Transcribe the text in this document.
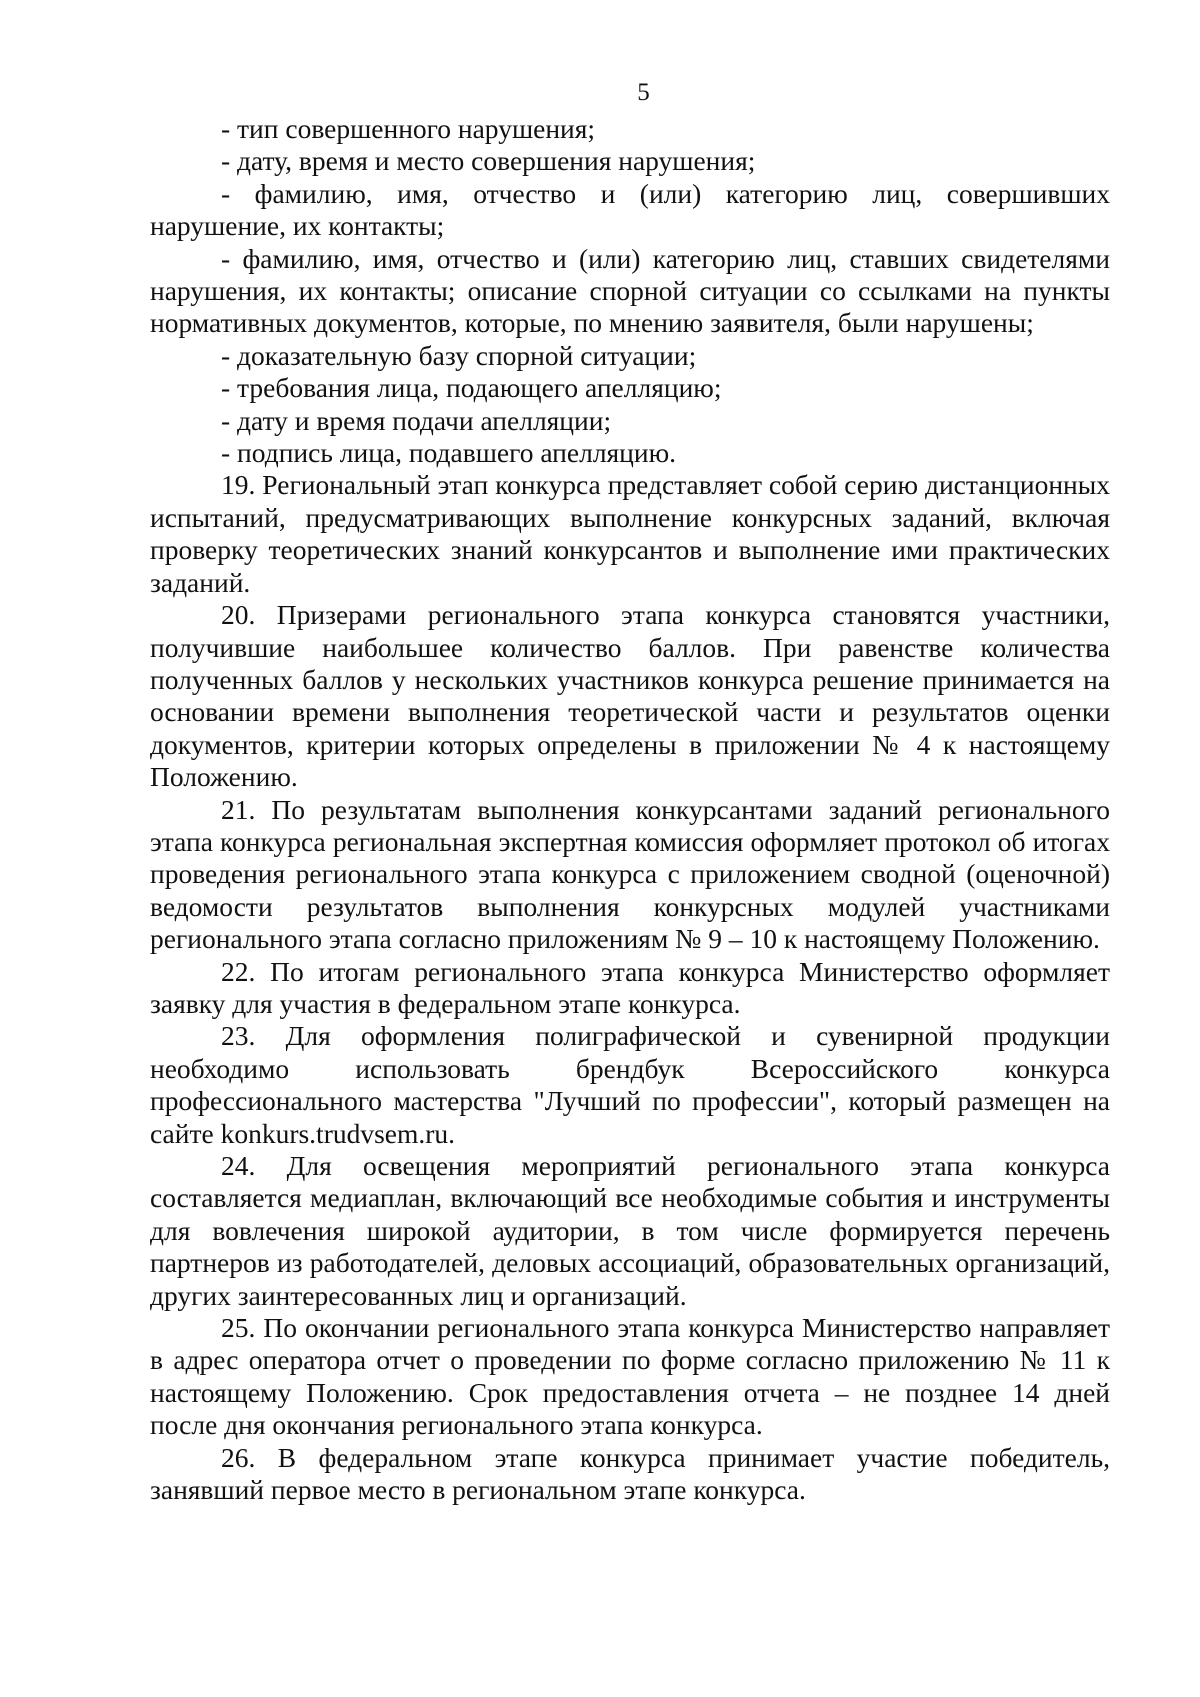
5

- тип совершенного нарушения;

- дату, время и место совершения нарушения;

- фамилию, имя, отчество и (или) категорию лиц, совершивших нарушение, их контакты;

- фамилию, имя, отчество и (или) категорию лиц, ставших свидетелями нарушения, их контакты; описание спорной ситуации со ссылками на пункты нормативных документов, которые, по мнению заявителя, были нарушены;

- доказательную базу спорной ситуации;

- требования лица, подающего апелляцию;

- дату и время подачи апелляции;

- подпись лица, подавшего апелляцию.

19. Региональный этап конкурса представляет собой серию дистанционных испытаний, предусматривающих выполнение конкурсных заданий, включая проверку теоретических знаний конкурсантов и выполнение ими практических заданий.

20. Призерами регионального этапа конкурса становятся участники, получившие наибольшее количество баллов. При равенстве количества полученных баллов у нескольких участников конкурса решение принимается на основании времени выполнения теоретической части и результатов оценки документов, критерии которых определены в приложении № 4 к настоящему Положению.

21. По результатам выполнения конкурсантами заданий регионального этапа конкурса региональная экспертная комиссия оформляет протокол об итогах проведения регионального этапа конкурса с приложением сводной (оценочной) ведомости результатов выполнения конкурсных модулей участниками регионального этапа согласно приложениям № 9 – 10 к настоящему Положению.

22. По итогам регионального этапа конкурса Министерство оформляет заявку для участия в федеральном этапе конкурса.

23. Для оформления полиграфической и сувенирной продукции необходимо использовать брендбук Всероссийского конкурса профессионального мастерства "Лучший по профессии", который размещен на сайте konkurs.trudvsem.ru.

24. Для освещения мероприятий регионального этапа конкурса составляется медиаплан, включающий все необходимые события и инструменты для вовлечения широкой аудитории, в том числе формируется перечень партнеров из работодателей, деловых ассоциаций, образовательных организаций, других заинтересованных лиц и организаций.

25. По окончании регионального этапа конкурса Министерство направляет в адрес оператора отчет о проведении по форме согласно приложению № 11 к настоящему Положению. Срок предоставления отчета – не позднее 14 дней после дня окончания регионального этапа конкурса.

26. В федеральном этапе конкурса принимает участие победитель, занявший первое место в региональном этапе конкурса.
